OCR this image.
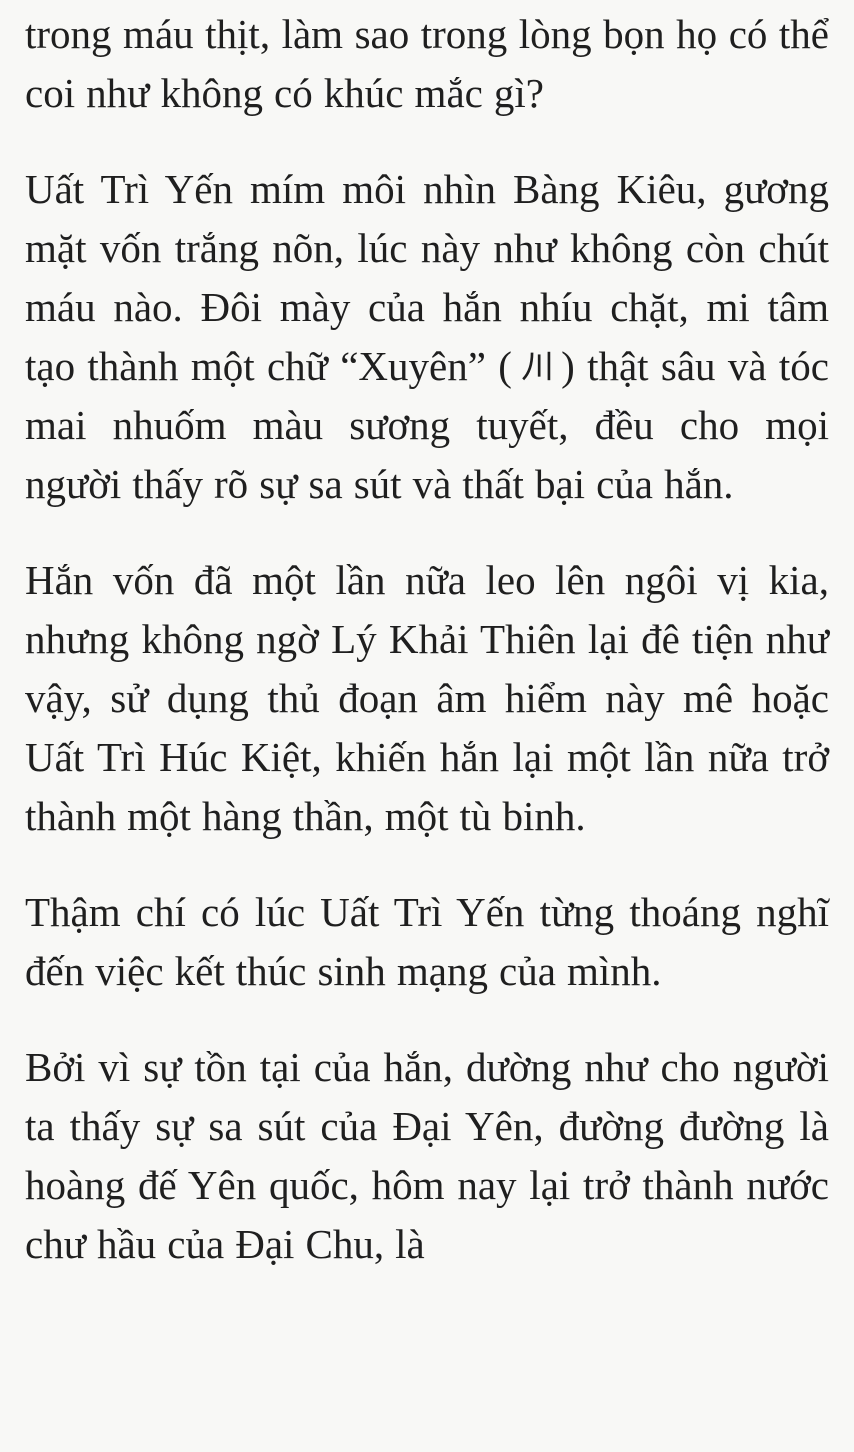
trong máu thịt, làm sao trong lòng bọn họ có thể coi như không có khúc mắc gì?

Uất Trì Yến mím môi nhìn Bàng Kiêu, gương mặt vốn trắng nõn, lúc này như không còn chút máu nào. Đôi mày của hắn nhíu chặt, mi tâm tạo thành một chữ “Xuyên” ( ) thật sâu và tóc mai nhuốm màu sương tuyết, đều cho mọi người thấy rõ sự sa sút và thất bại của hắn.

Hắn vốn đã một lần nữa leo lên ngôi vị kia, nhưng không ngờ Lý Khải Thiên lại đê tiện như vậy, sử dụng thủ đoạn âm hiểm này mê hoặc Uất Trì Húc Kiệt, khiến hắn lại một lần nữa trở thành một hàng thần, một tù binh.

Thậm chí có lúc Uất Trì Yến từng thoáng nghĩ đến việc kết thúc sinh mạng của mình.

Bởi vì sự tồn tại của hắn, dường như cho người ta thấy sự sa sút của Đại Yên, đường đường là hoàng đế Yên quốc, hôm nay lại trở thành nước chư hầu của Đại Chu, là
